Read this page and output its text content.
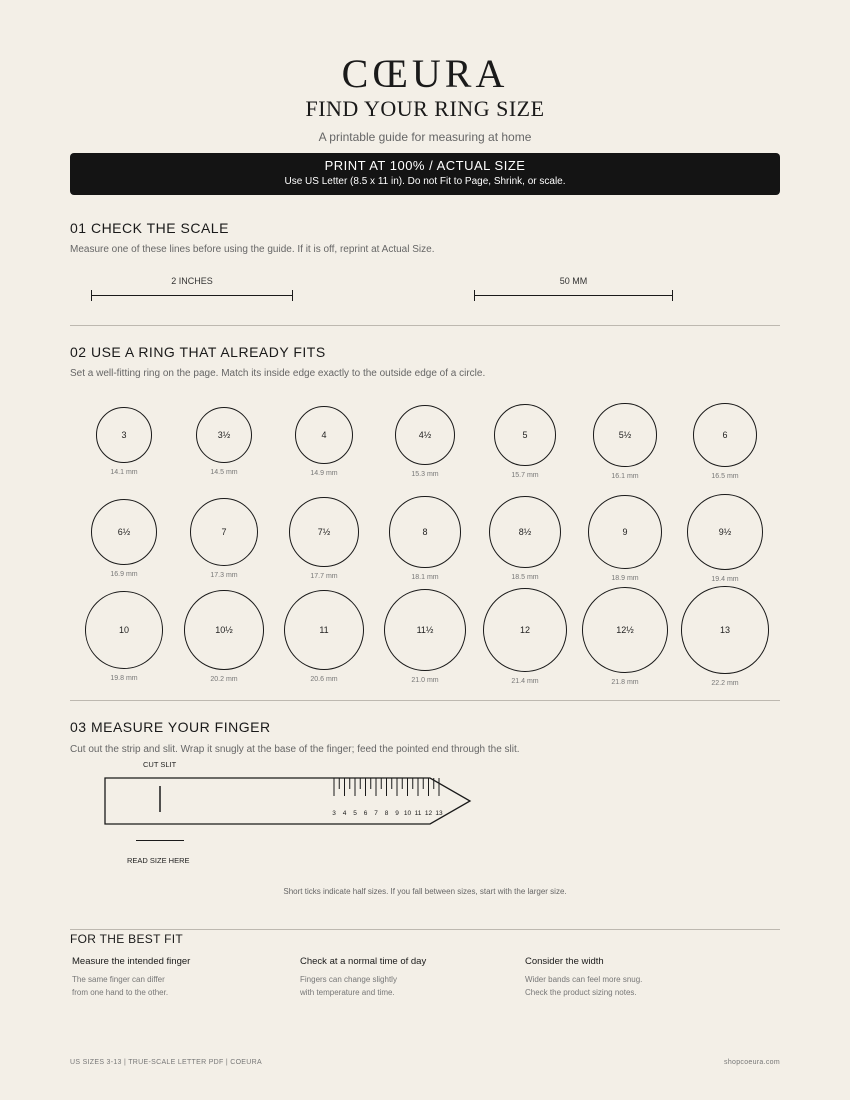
CŒURA
FIND YOUR RING SIZE
A printable guide for measuring at home
PRINT AT 100% / ACTUAL SIZE
Use US Letter (8.5 x 11 in). Do not Fit to Page, Shrink, or scale.
01 CHECK THE SCALE
Measure one of these lines before using the guide. If it is off, reprint at Actual Size.
2 INCHES	50 MM
02 USE A RING THAT ALREADY FITS
Set a well-fitting ring on the page. Match its inside edge exactly to the outside edge of a circle.
3
14.1 mm
3½
14.5 mm
4
14.9 mm
4½
15.3 mm
5
15.7 mm
5½
16.1 mm
6
16.5 mm
6½
16.9 mm
7
17.3 mm
7½
17.7 mm
8
18.1 mm
8½
18.5 mm
9
18.9 mm
9½
19.4 mm
10
19.8 mm
10½
20.2 mm
11
20.6 mm
11½
21.0 mm
12
21.4 mm
12½
21.8 mm
13
22.2 mm
03 MEASURE YOUR FINGER
Cut out the strip and slit. Wrap it snugly at the base of the finger; feed the pointed end through the slit.
CUT SLIT
3 4 5 6 7 8 9 10 11 12 13
READ SIZE HERE
Short ticks indicate half sizes. If you fall between sizes, start with the larger size.
FOR THE BEST FIT
Measure the intended finger
The same finger can differ
from one hand to the other.
Check at a normal time of day
Fingers can change slightly
with temperature and time.
Consider the width
Wider bands can feel more snug.
Check the product sizing notes.
US SIZES 3-13 | TRUE-SCALE LETTER PDF | COEURA	shopcoeura.com
